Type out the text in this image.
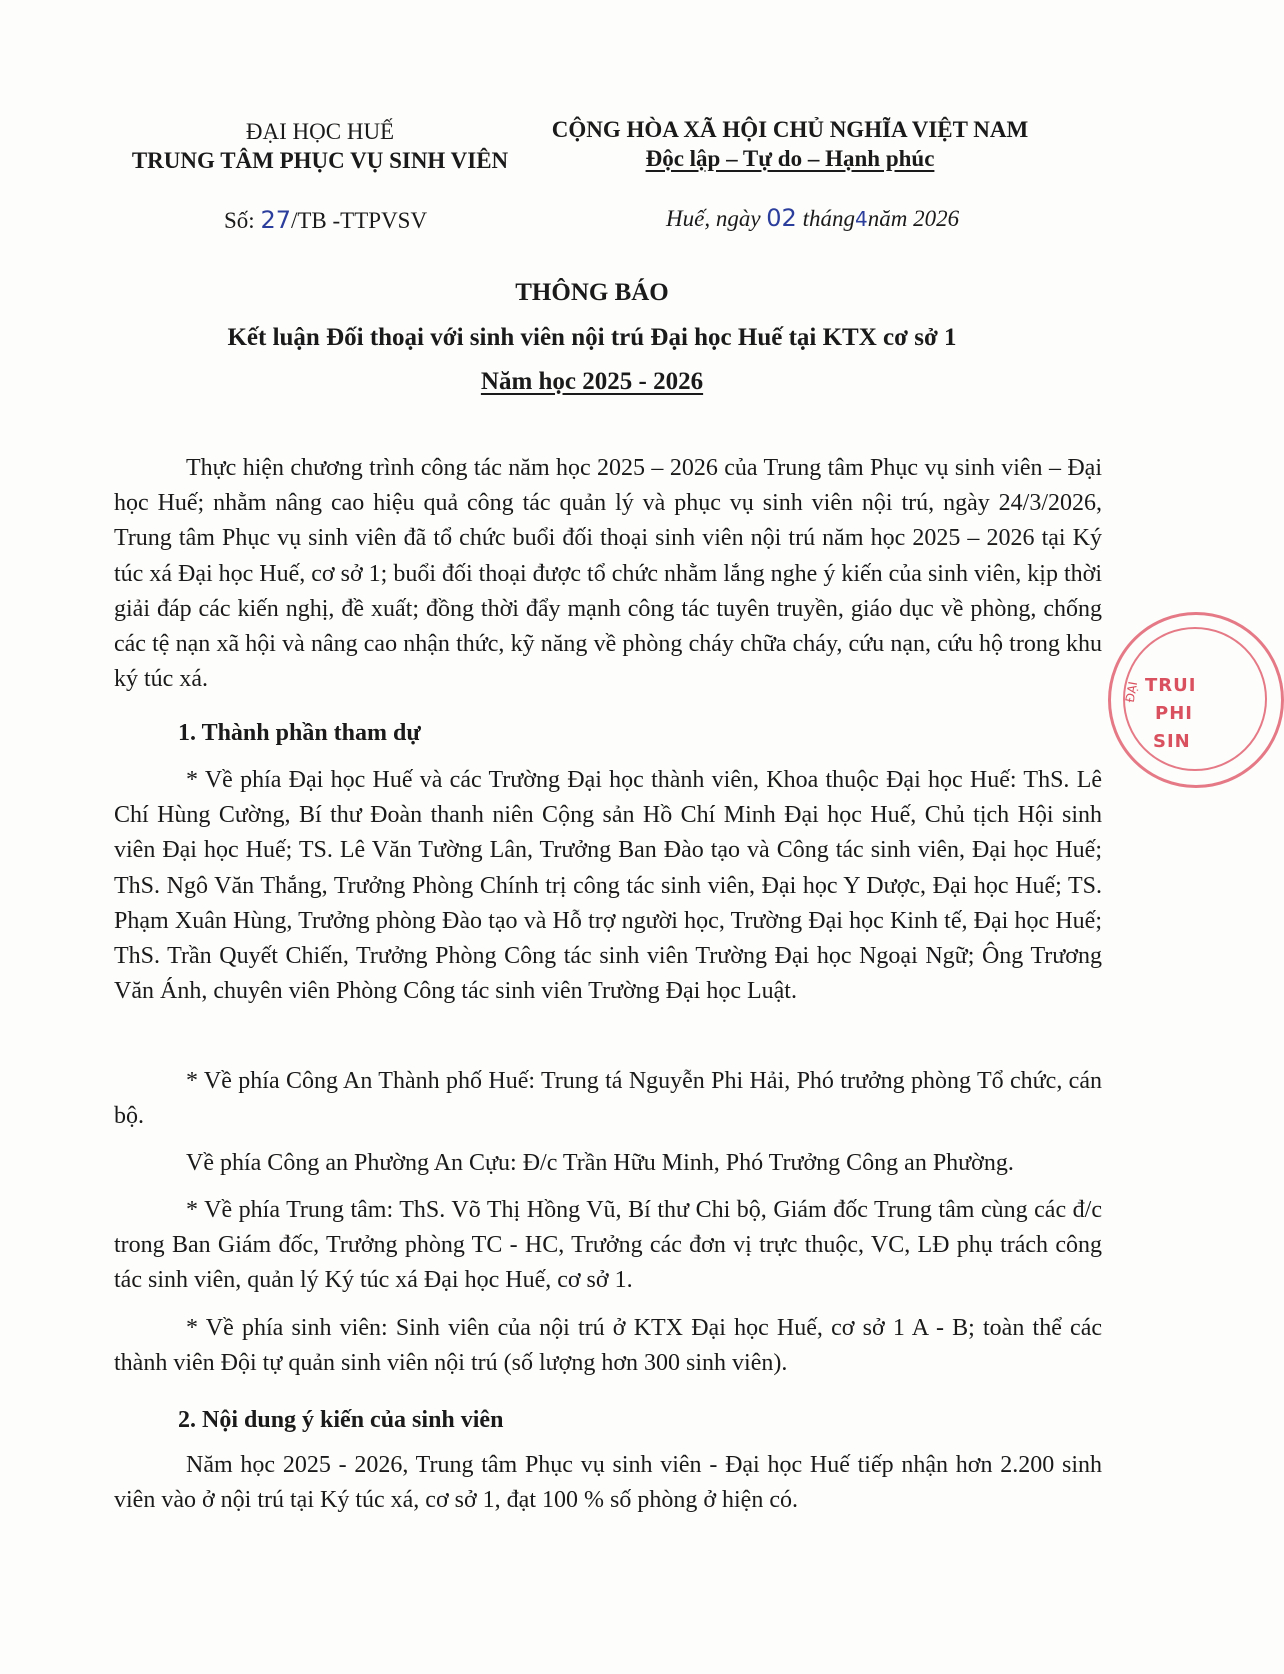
ĐẠI HỌC HUẾ
TRUNG TÂM PHỤC VỤ SINH VIÊN
CỘNG HÒA XÃ HỘI CHỦ NGHĨA VIỆT NAM
Độc lập – Tự do – Hạnh phúc
Số: 27/TB -TTPVSV	Huế, ngày 02 tháng4năm 2026
THÔNG BÁO
Kết luận Đối thoại với sinh viên nội trú Đại học Huế tại KTX cơ sở 1
Năm học 2025 - 2026

Thực hiện chương trình công tác năm học 2025 – 2026 của Trung tâm Phục vụ sinh viên – Đại học Huế; nhằm nâng cao hiệu quả công tác quản lý và phục vụ sinh viên nội trú, ngày 24/3/2026, Trung tâm Phục vụ sinh viên đã tổ chức buổi đối thoại sinh viên nội trú năm học 2025 – 2026 tại Ký túc xá Đại học Huế, cơ sở 1; buổi đối thoại được tổ chức nhằm lắng nghe ý kiến của sinh viên, kịp thời giải đáp các kiến nghị, đề xuất; đồng thời đẩy mạnh công tác tuyên truyền, giáo dục về phòng, chống các tệ nạn xã hội và nâng cao nhận thức, kỹ năng về phòng cháy chữa cháy, cứu nạn, cứu hộ trong khu ký túc xá.

1. Thành phần tham dự

* Về phía Đại học Huế và các Trường Đại học thành viên, Khoa thuộc Đại học Huế: ThS. Lê Chí Hùng Cường, Bí thư Đoàn thanh niên Cộng sản Hồ Chí Minh Đại học Huế, Chủ tịch Hội sinh viên Đại học Huế; TS. Lê Văn Tường Lân, Trưởng Ban Đào tạo và Công tác sinh viên, Đại học Huế; ThS. Ngô Văn Thắng, Trưởng Phòng Chính trị công tác sinh viên, Đại học Y Dược, Đại học Huế; TS. Phạm Xuân Hùng, Trưởng phòng Đào tạo và Hỗ trợ người học, Trường Đại học Kinh tế, Đại học Huế; ThS. Trần Quyết Chiến, Trưởng Phòng Công tác sinh viên Trường Đại học Ngoại Ngữ; Ông Trương Văn Ánh, chuyên viên Phòng Công tác sinh viên Trường Đại học Luật.

* Về phía Công An Thành phố Huế: Trung tá Nguyễn Phi Hải, Phó trưởng phòng Tổ chức, cán bộ.

Về phía Công an Phường An Cựu: Đ/c Trần Hữu Minh, Phó Trưởng Công an Phường.

* Về phía Trung tâm: ThS. Võ Thị Hồng Vũ, Bí thư Chi bộ, Giám đốc Trung tâm cùng các đ/c trong Ban Giám đốc, Trưởng phòng TC - HC, Trưởng các đơn vị trực thuộc, VC, LĐ phụ trách công tác sinh viên, quản lý Ký túc xá Đại học Huế, cơ sở 1.

* Về phía sinh viên: Sinh viên của nội trú ở KTX Đại học Huế, cơ sở 1 A - B; toàn thể các thành viên Đội tự quản sinh viên nội trú (số lượng hơn 300 sinh viên).

2. Nội dung ý kiến của sinh viên

Năm học 2025 - 2026, Trung tâm Phục vụ sinh viên - Đại học Huế tiếp nhận hơn 2.200 sinh viên vào ở nội trú tại Ký túc xá, cơ sở 1, đạt 100 % số phòng ở hiện có.

TRUI
PHI
SIN
ĐẠI
